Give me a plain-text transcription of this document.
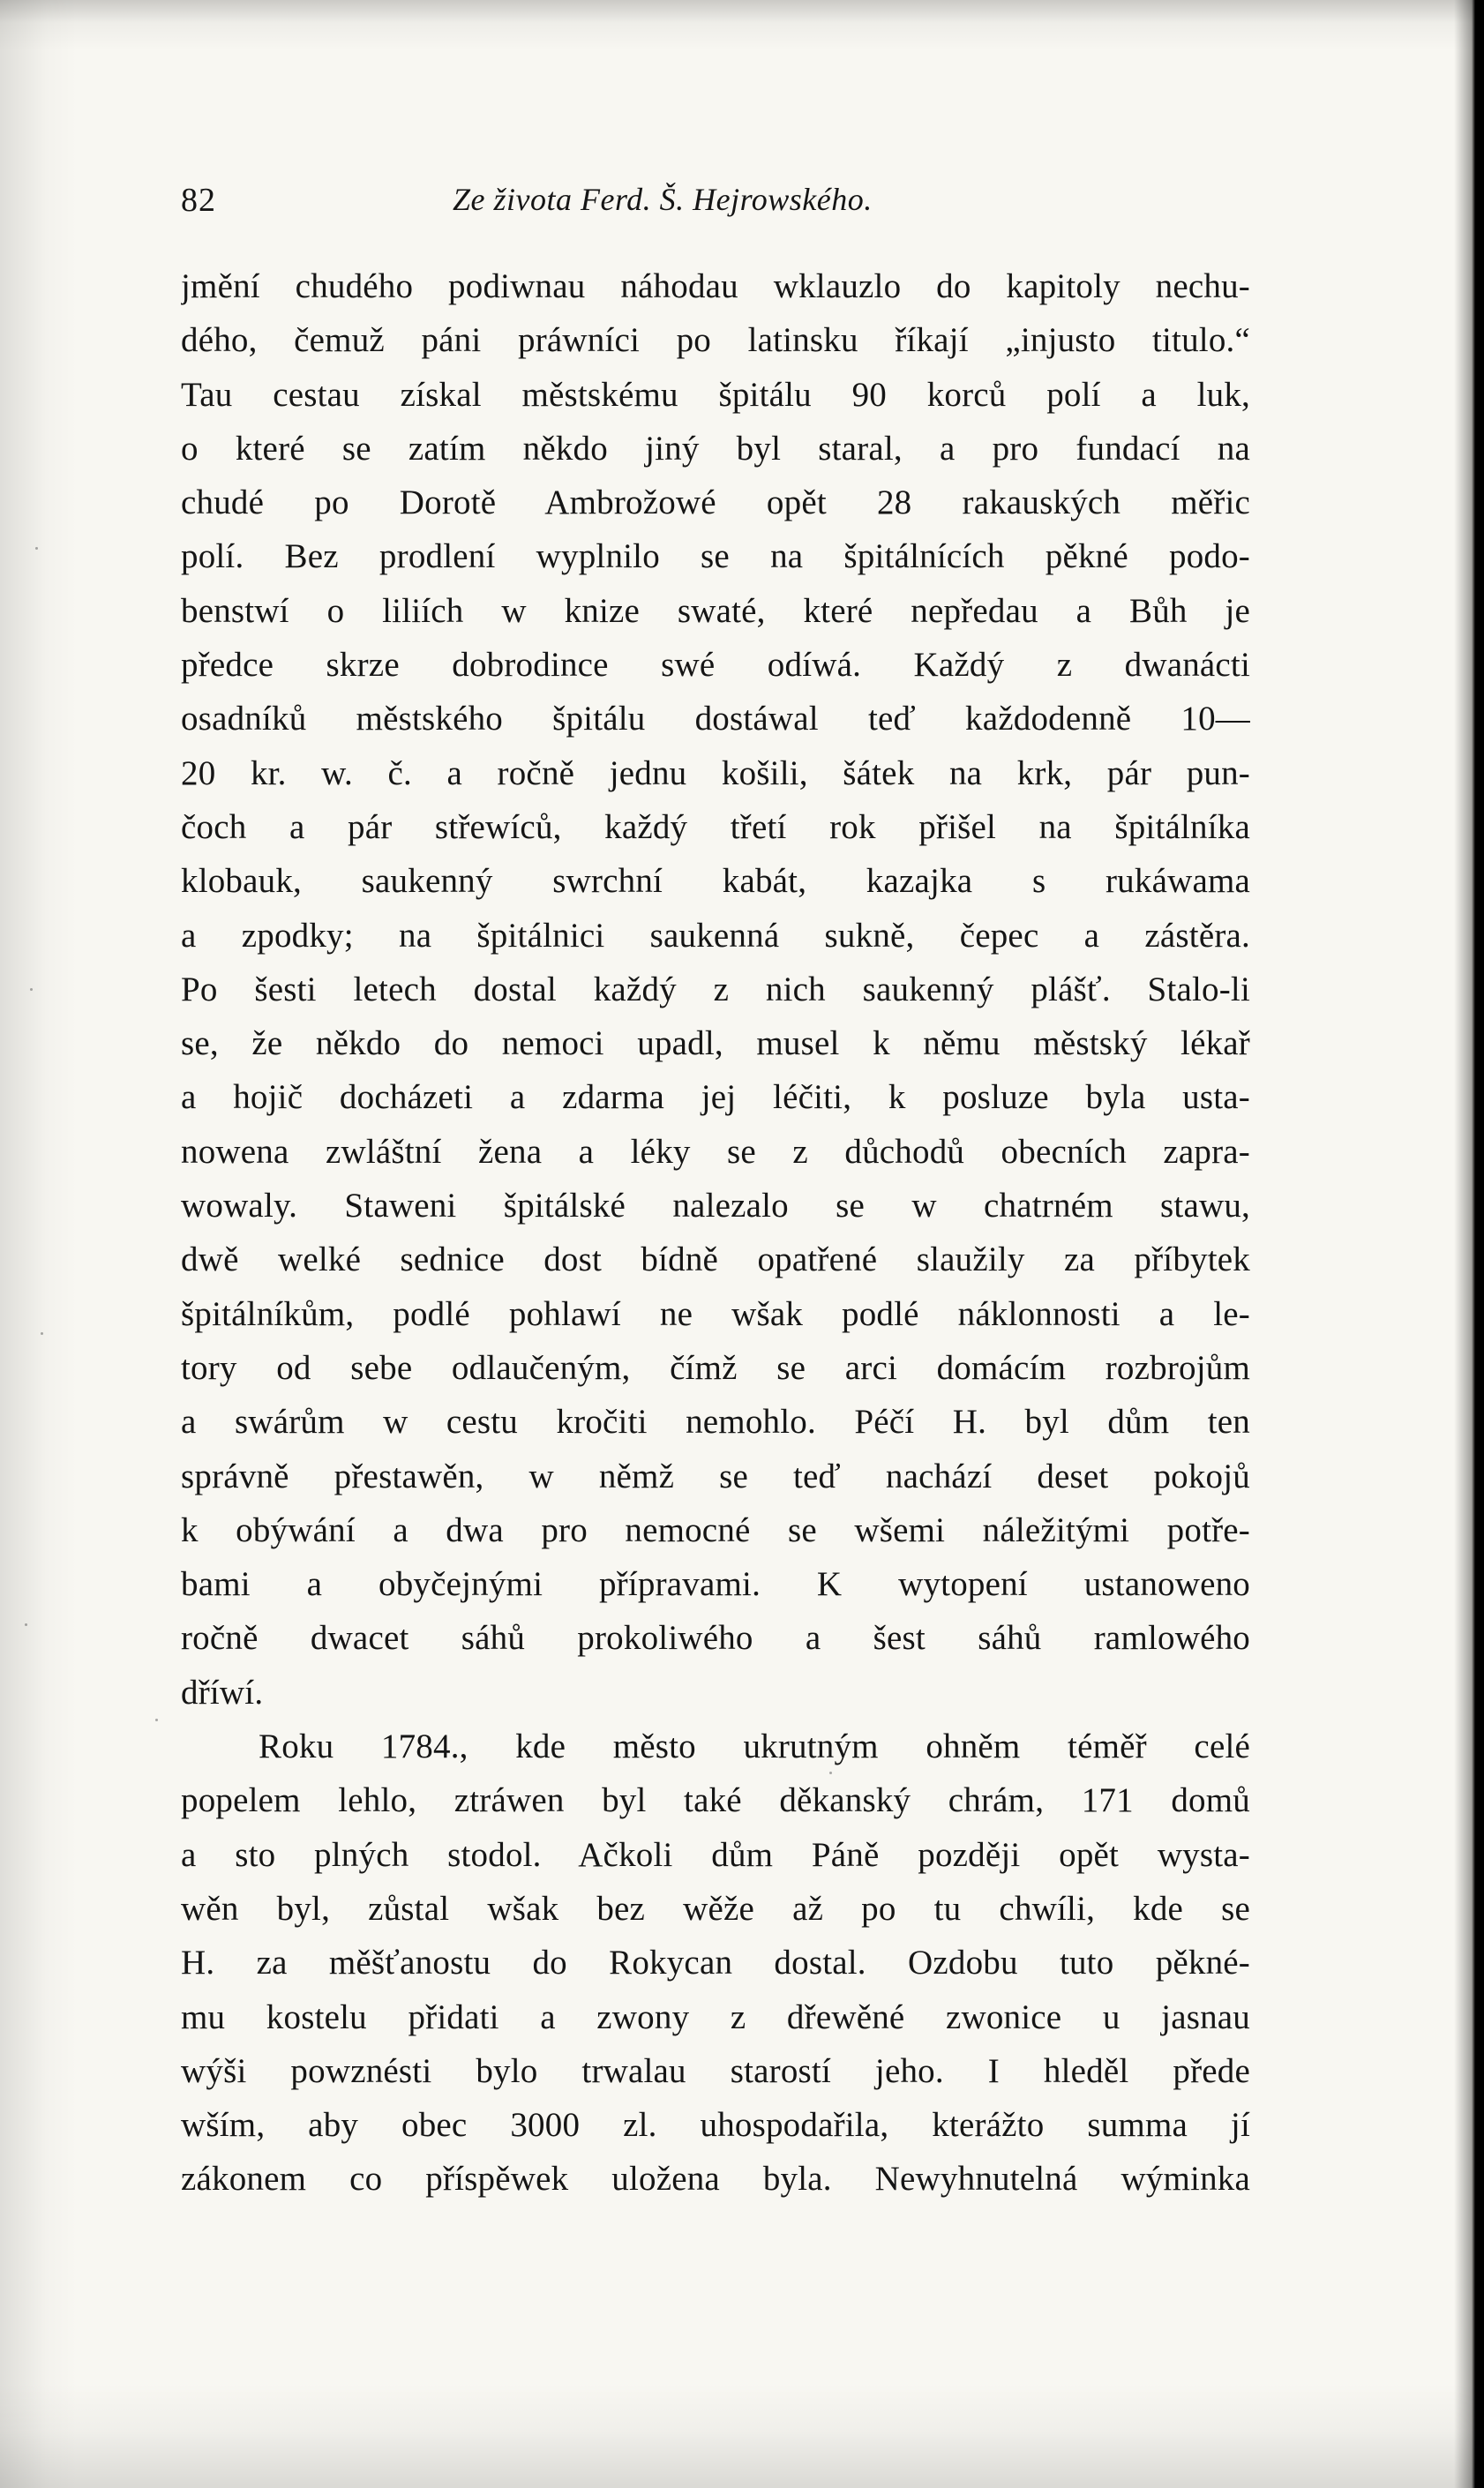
82	Ze života Ferd. Š. Hejrowského.
jmění chudého podiwnau náhodau wklauzlo do kapitoly nechu-
dého, čemuž páni práwníci po latinsku říkají „injusto titulo.“
Tau cestau získal městskému špitálu 90 korců polí a luk,
o které se zatím někdo jiný byl staral, a pro fundací na
chudé po Dorotě Ambrožowé opět 28 rakauských měřic
polí. Bez prodlení wyplnilo se na špitálnících pěkné podo-
benstwí o liliích w knize swaté, které nepředau a Bůh je
předce skrze dobrodince swé odíwá. Každý z dwanácti
osadníků městského špitálu dostáwal teď každodenně 10—
20 kr. w. č. a ročně jednu košili, šátek na krk, pár pun-
čoch a pár střewíců, každý třetí rok přišel na špitálníka
klobauk, saukenný swrchní kabát, kazajka s rukáwama
a zpodky; na špitálnici saukenná sukně, čepec a zástěra.
Po šesti letech dostal každý z nich saukenný plášť. Stalo-li
se, že někdo do nemoci upadl, musel k němu městský lékař
a hojič docházeti a zdarma jej léčiti, k posluze byla usta-
nowena zwláštní žena a léky se z důchodů obecních zapra-
wowaly. Staweni špitálské nalezalo se w chatrném stawu,
dwě welké sednice dost bídně opatřené slaužily za příbytek
špitálníkům, podlé pohlawí ne wšak podlé náklonnosti a le-
tory od sebe odlaučeným, čímž se arci domácím rozbrojům
a swárům w cestu kročiti nemohlo. Péčí H. byl dům ten
správně přestawěn, w němž se teď nachází deset pokojů
k obýwání a dwa pro nemocné se wšemi náležitými potře-
bami a obyčejnými přípravami. K wytopení ustanoweno
ročně dwacet sáhů prokoliwého a šest sáhů ramlowého
dříwí.
Roku 1784., kde město ukrutným ohněm téměř celé
popelem lehlo, ztráwen byl také děkanský chrám, 171 domů
a sto plných stodol. Ačkoli dům Páně později opět wysta-
wěn byl, zůstal wšak bez wěže až po tu chwíli, kde se
H. za měšťanostu do Rokycan dostal. Ozdobu tuto pěkné-
mu kostelu přidati a zwony z dřewěné zwonice u jasnau
wýši powznésti bylo trwalau starostí jeho. I hleděl přede
wším, aby obec 3000 zl. uhospodařila, kterážto summa jí
zákonem co příspěwek uložena byla. Newyhnutelná wýminka
